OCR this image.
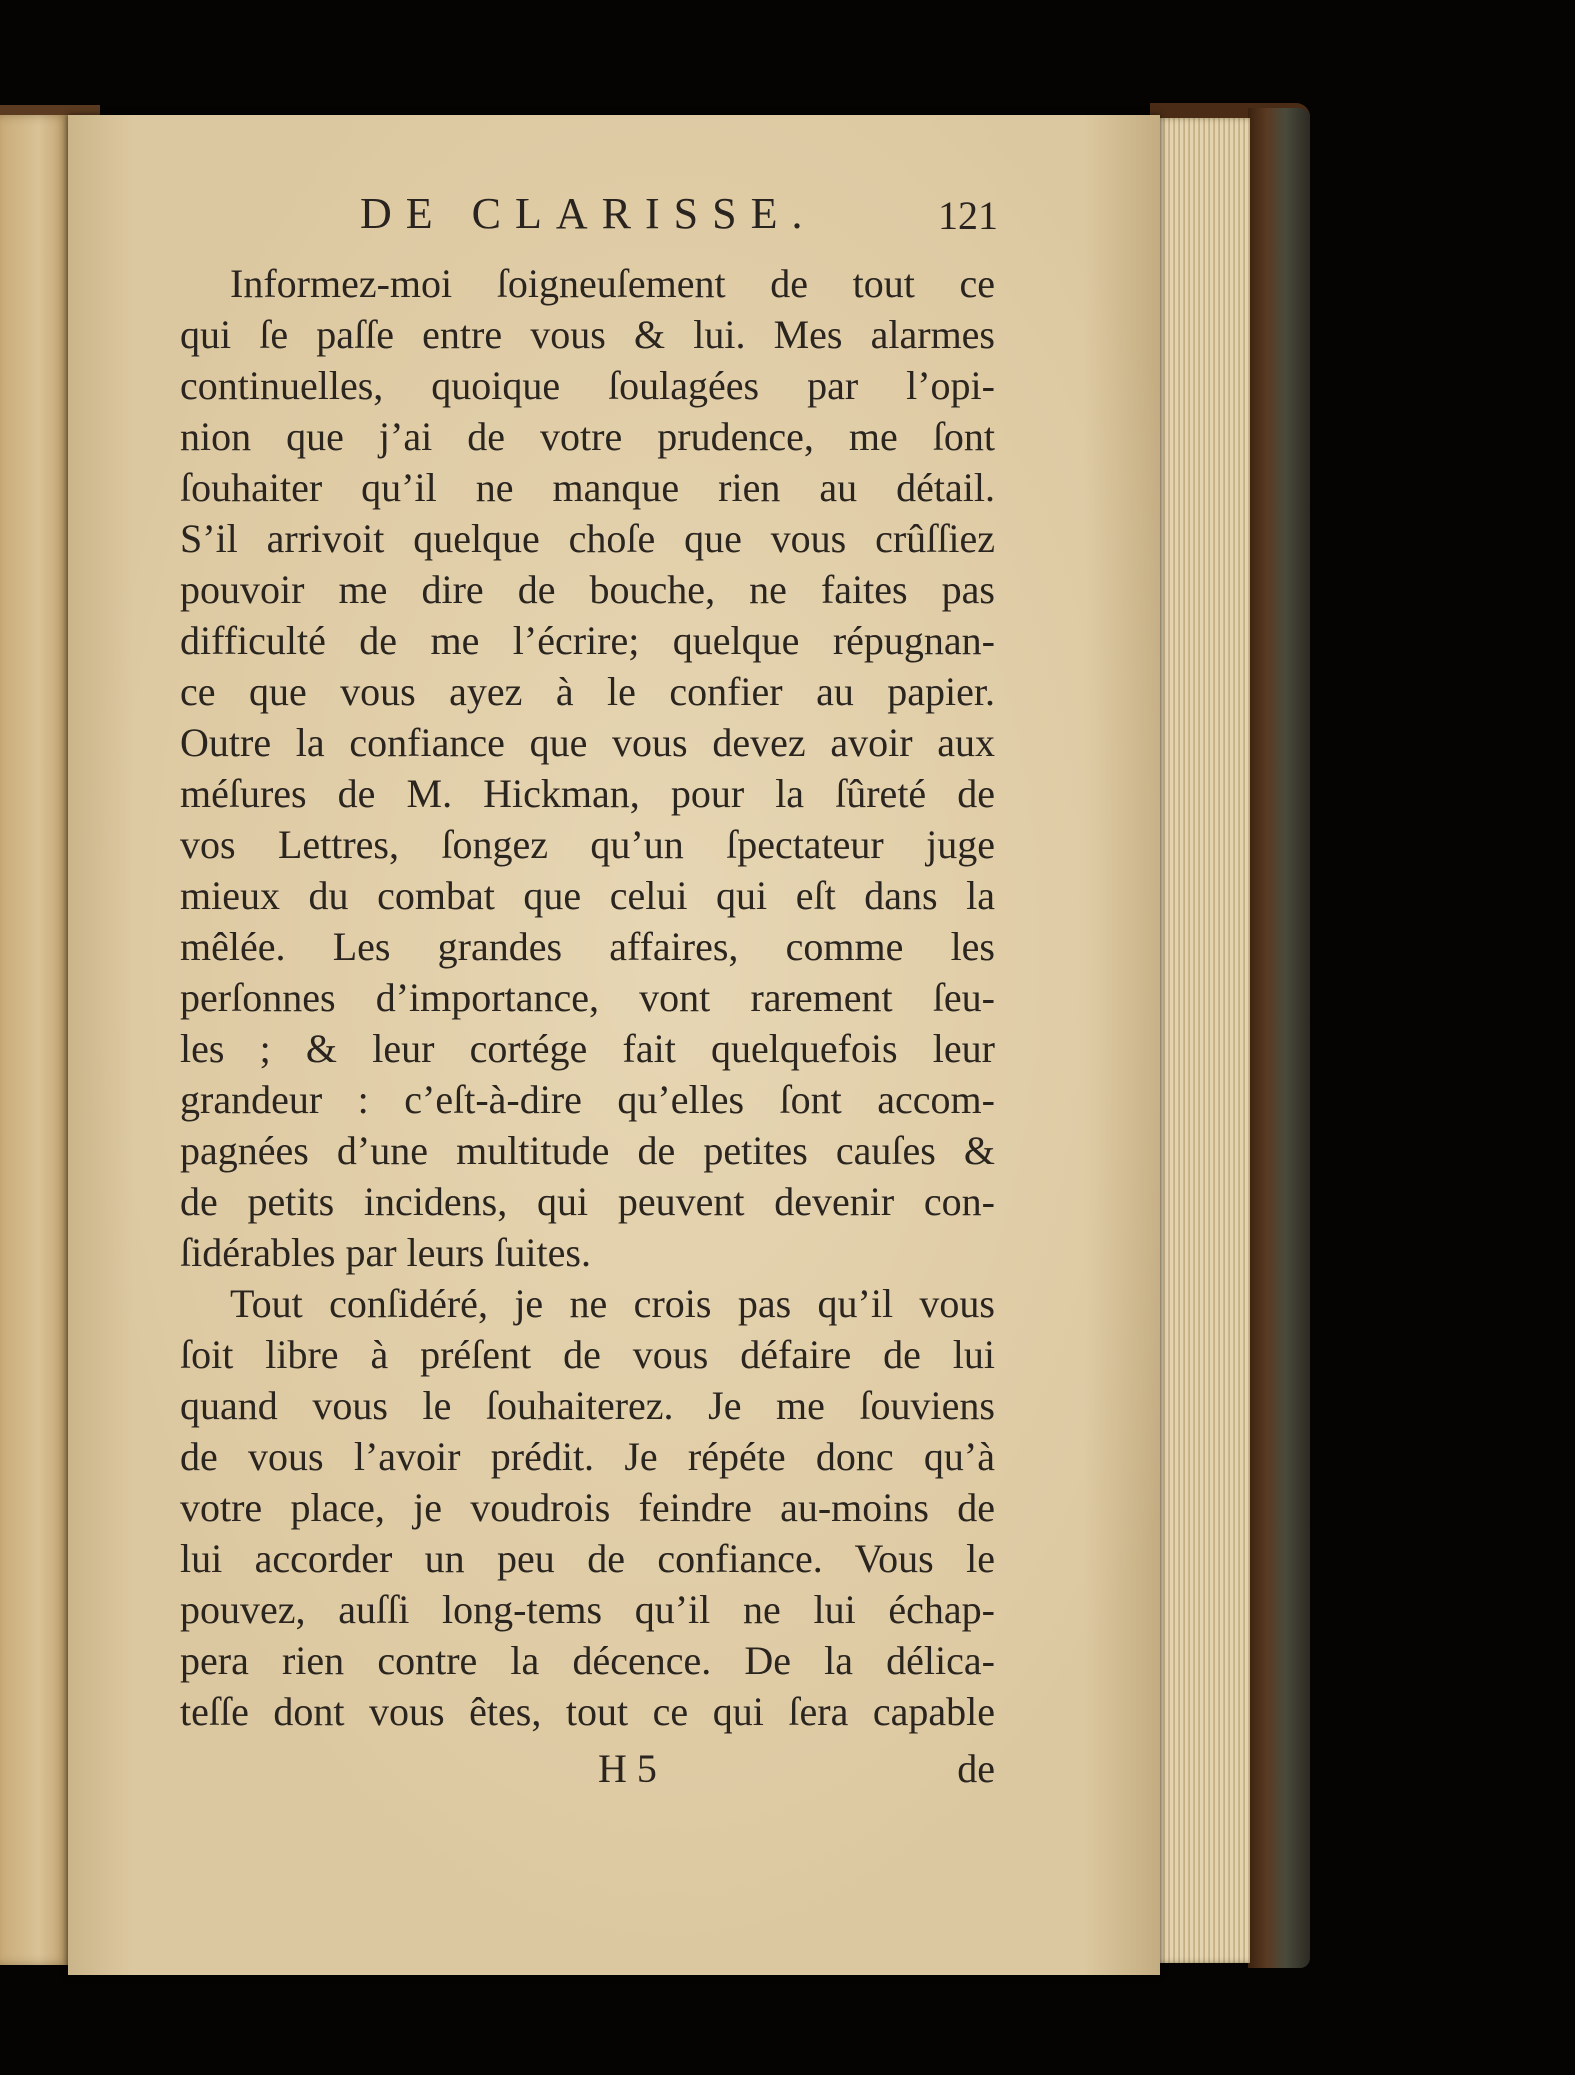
DE CLARISSE.	121
Informez-moi ſoigneuſement de tout ce
qui ſe paſſe entre vous & lui. Mes alarmes
continuelles, quoique ſoulagées par l’opi-
nion que j’ai de votre prudence, me ſont
ſouhaiter qu’il ne manque rien au détail.
S’il arrivoit quelque choſe que vous crûſſiez
pouvoir me dire de bouche, ne faites pas
difficulté de me l’écrire; quelque répugnan-
ce que vous ayez à le confier au papier.
Outre la confiance que vous devez avoir aux
méſures de M. Hickman, pour la ſûreté de
vos Lettres, ſongez qu’un ſpectateur juge
mieux du combat que celui qui eſt dans la
mêlée. Les grandes affaires, comme les
perſonnes d’importance, vont rarement ſeu-
les ; & leur cortége fait quelquefois leur
grandeur : c’eſt-à-dire qu’elles ſont accom-
pagnées d’une multitude de petites cauſes &
de petits incidens, qui peuvent devenir con-
ſidérables par leurs ſuites.
Tout conſidéré, je ne crois pas qu’il vous
ſoit libre à préſent de vous défaire de lui
quand vous le ſouhaiterez. Je me ſouviens
de vous l’avoir prédit. Je répéte donc qu’à
votre place, je voudrois feindre au-moins de
lui accorder un peu de confiance. Vous le
pouvez, auſſi long-tems qu’il ne lui échap-
pera rien contre la décence. De la délica-
teſſe dont vous êtes, tout ce qui ſera capable
H 5	de
